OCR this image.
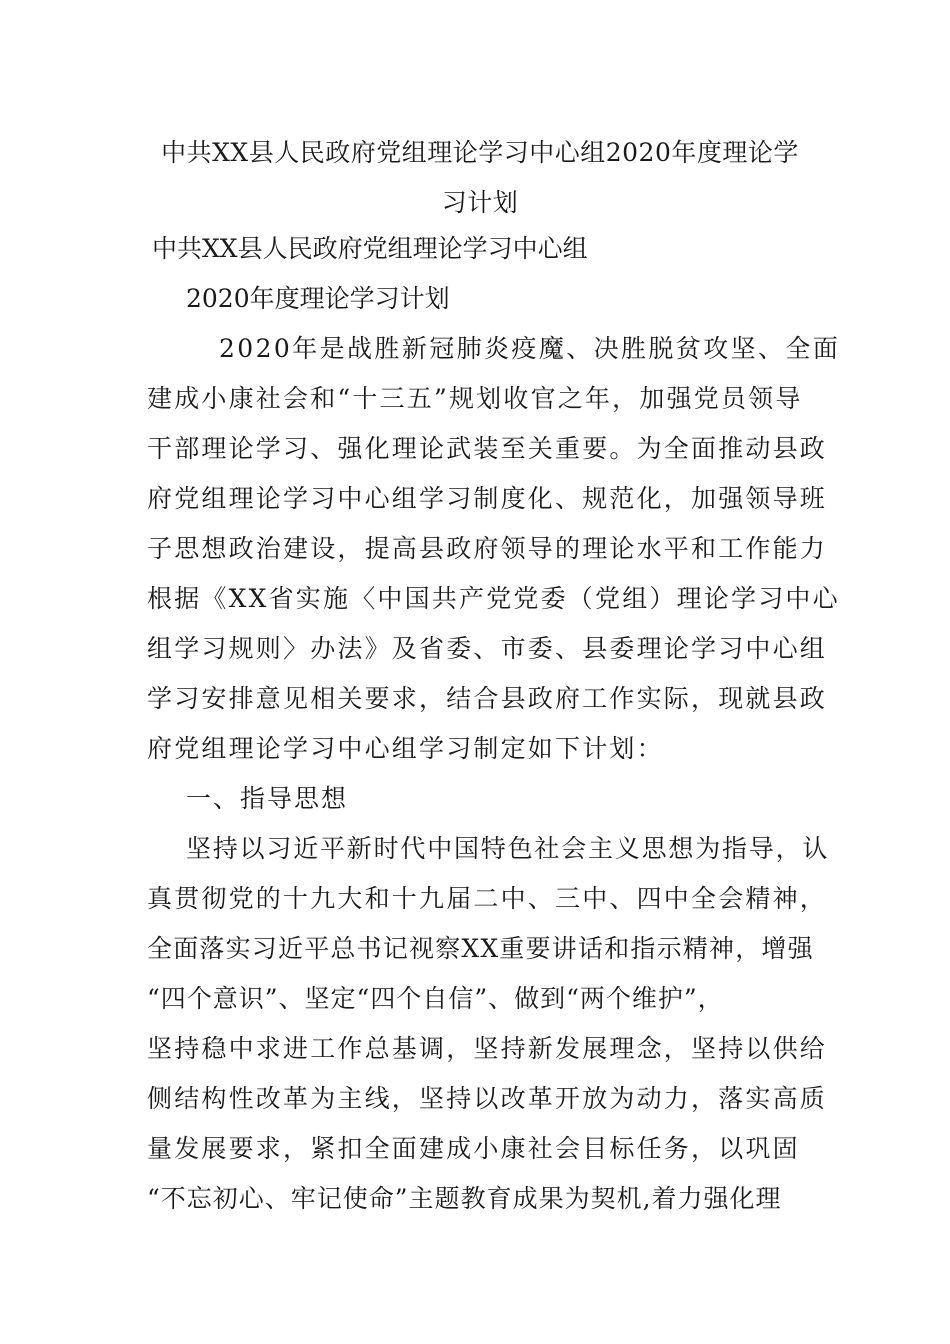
中共XX县人民政府党组理论学习中心组2020年度理论学
习计划
中共XX县人民政府党组理论学习中心组
2020年度理论学习计划
2020年是战胜新冠肺炎疫魔、决胜脱贫攻坚、全面
建成小康社会和“十三五”规划收官之年，加强党员领导
干部理论学习、强化理论武装至关重要。为全面推动县政
府党组理论学习中心组学习制度化、规范化，加强领导班
子思想政治建设，提高县政府领导的理论水平和工作能力
根据《XX省实施〈中国共产党党委（党组）理论学习中心
组学习规则〉办法》及省委、市委、县委理论学习中心组
学习安排意见相关要求，结合县政府工作实际，现就县政
府党组理论学习中心组学习制定如下计划：
一、指导思想
坚持以习近平新时代中国特色社会主义思想为指导，认
真贯彻党的十九大和十九届二中、三中、四中全会精神，
全面落实习近平总书记视察XX重要讲话和指示精神，增强
“四个意识”、坚定“四个自信”、做到“两个维护”，
坚持稳中求进工作总基调，坚持新发展理念，坚持以供给
侧结构性改革为主线，坚持以改革开放为动力，落实高质
量发展要求，紧扣全面建成小康社会目标任务，以巩固
“不忘初心、牢记使命”主题教育成果为契机,着力强化理
